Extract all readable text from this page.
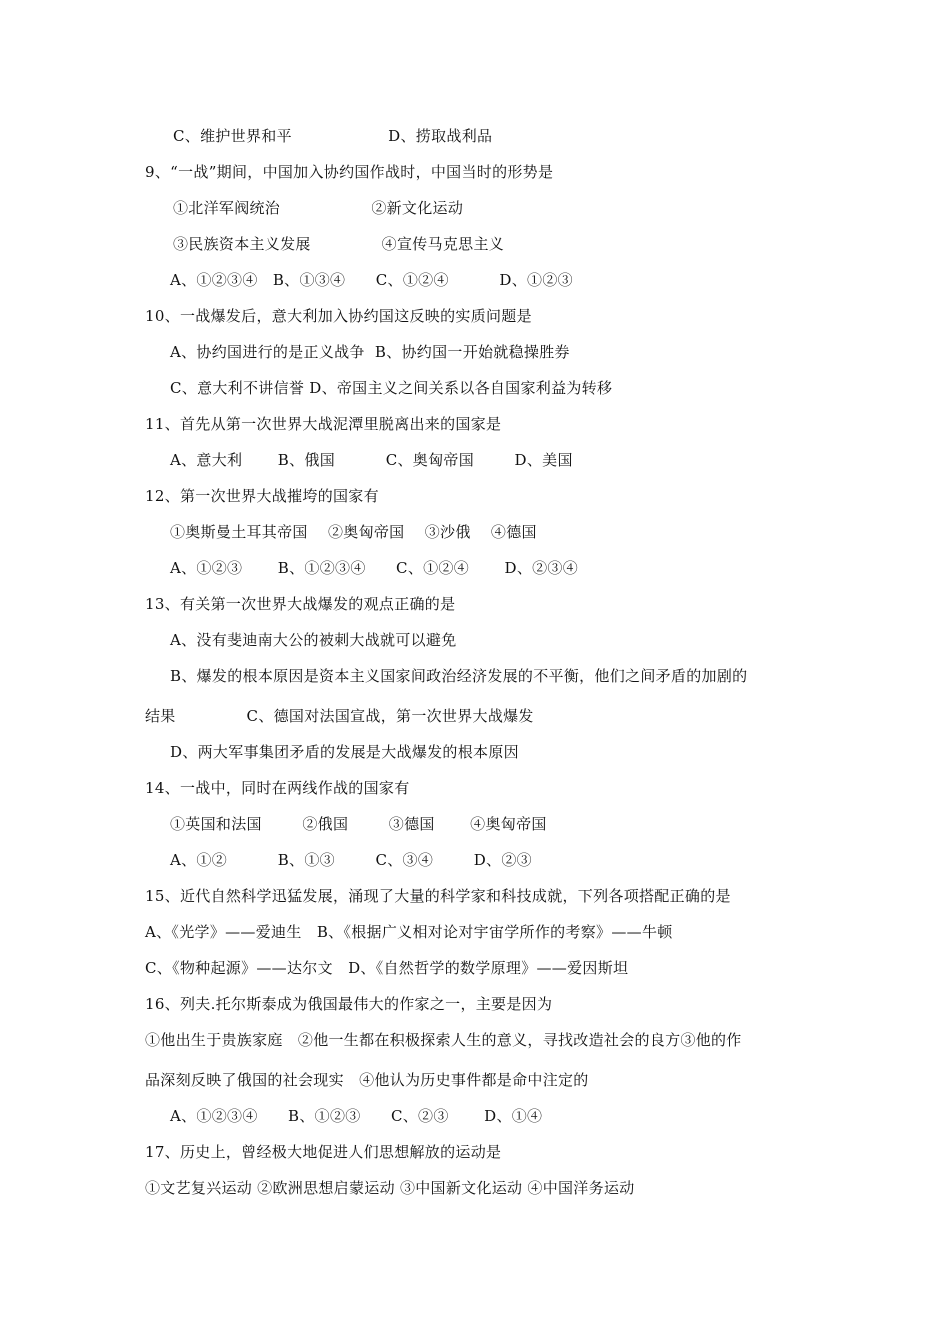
C、维护世界和平                   D、捞取战利品
9、“一战”期间，中国加入协约国作战时，中国当时的形势是
①北洋军阀统治                  ②新文化运动
③民族资本主义发展              ④宣传马克思主义
A、①②③④   B、①③④      C、①②④          D、①②③
10、一战爆发后，意大利加入协约国这反映的实质问题是
A、协约国进行的是正义战争  B、协约国一开始就稳操胜券
C、意大利不讲信誉 D、帝国主义之间关系以各自国家利益为转移
11、首先从第一次世界大战泥潭里脱离出来的国家是
A、意大利       B、俄国          C、奥匈帝国        D、美国
12、第一次世界大战摧垮的国家有
①奥斯曼土耳其帝国    ②奥匈帝国    ③沙俄    ④德国
A、①②③       B、①②③④      C、①②④       D、②③④
13、有关第一次世界大战爆发的观点正确的是
A、没有斐迪南大公的被刺大战就可以避免
B、爆发的根本原因是资本主义国家间政治经济发展的不平衡，他们之间矛盾的加剧的
结果              C、德国对法国宣战，第一次世界大战爆发
D、两大军事集团矛盾的发展是大战爆发的根本原因
14、一战中，同时在两线作战的国家有
①英国和法国        ②俄国        ③德国       ④奥匈帝国
A、①②          B、①③        C、③④        D、②③
15、近代自然科学迅猛发展，涌现了大量的科学家和科技成就，下列各项搭配正确的是
A、《光学》——爱迪生   B、《根据广义相对论对宇宙学所作的考察》——牛顿
C、《物种起源》——达尔文   D、《自然哲学的数学原理》——爱因斯坦
16、列夫.托尔斯泰成为俄国最伟大的作家之一，主要是因为
①他出生于贵族家庭   ②他一生都在积极探索人生的意义，寻找改造社会的良方③他的作
品深刻反映了俄国的社会现实   ④他认为历史事件都是命中注定的
A、①②③④      B、①②③      C、②③       D、①④
17、历史上，曾经极大地促进人们思想解放的运动是
①文艺复兴运动 ②欧洲思想启蒙运动 ③中国新文化运动 ④中国洋务运动
